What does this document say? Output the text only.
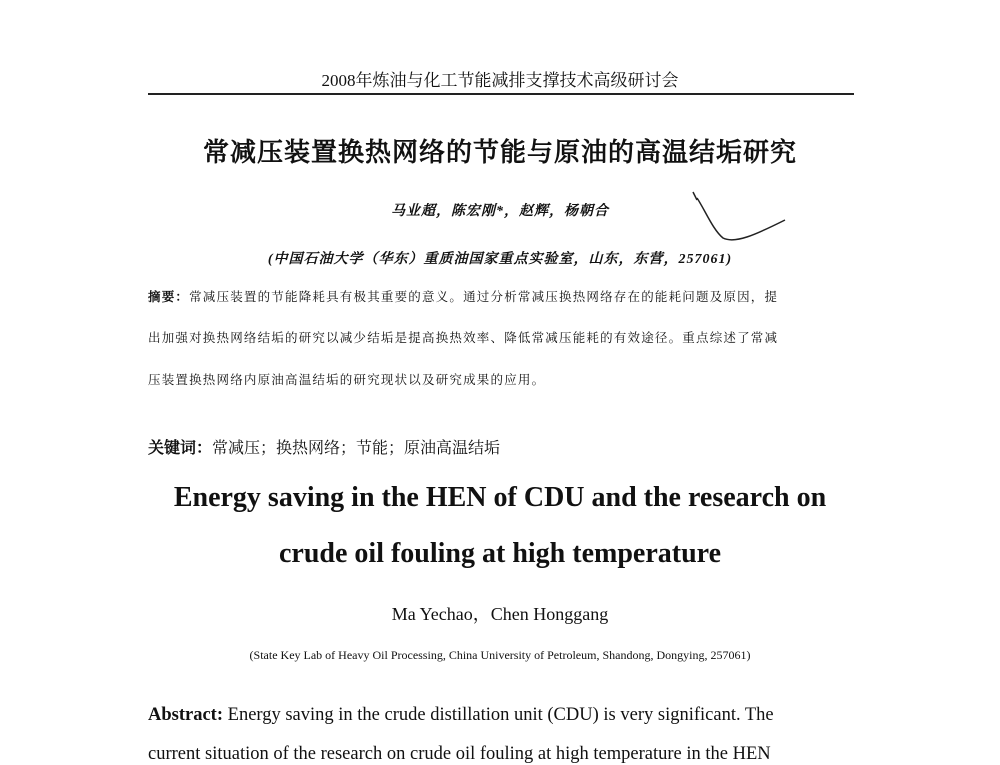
2008年炼油与化工节能减排支撑技术高级研讨会
常减压装置换热网络的节能与原油的高温结垢研究
马业超，陈宏刚*，赵辉，杨朝合
(中国石油大学（华东）重质油国家重点实验室，山东，东营，257061)
摘要：常减压装置的节能降耗具有极其重要的意义。通过分析常减压换热网络存在的能耗问题及原因，提
出加强对换热网络结垢的研究以减少结垢是提高换热效率、降低常减压能耗的有效途径。重点综述了常减
压装置换热网络内原油高温结垢的研究现状以及研究成果的应用。
关键词：常减压；换热网络；节能；原油高温结垢
Energy saving in the HEN of CDU and the research on
crude oil fouling at high temperature
Ma Yechao，Chen Honggang
(State Key Lab of Heavy Oil Processing, China University of Petroleum, Shandong, Dongying, 257061)
Abstract: Energy saving in the crude distillation unit (CDU) is very significant. The
current situation of the research on crude oil fouling at high temperature in the HEN
